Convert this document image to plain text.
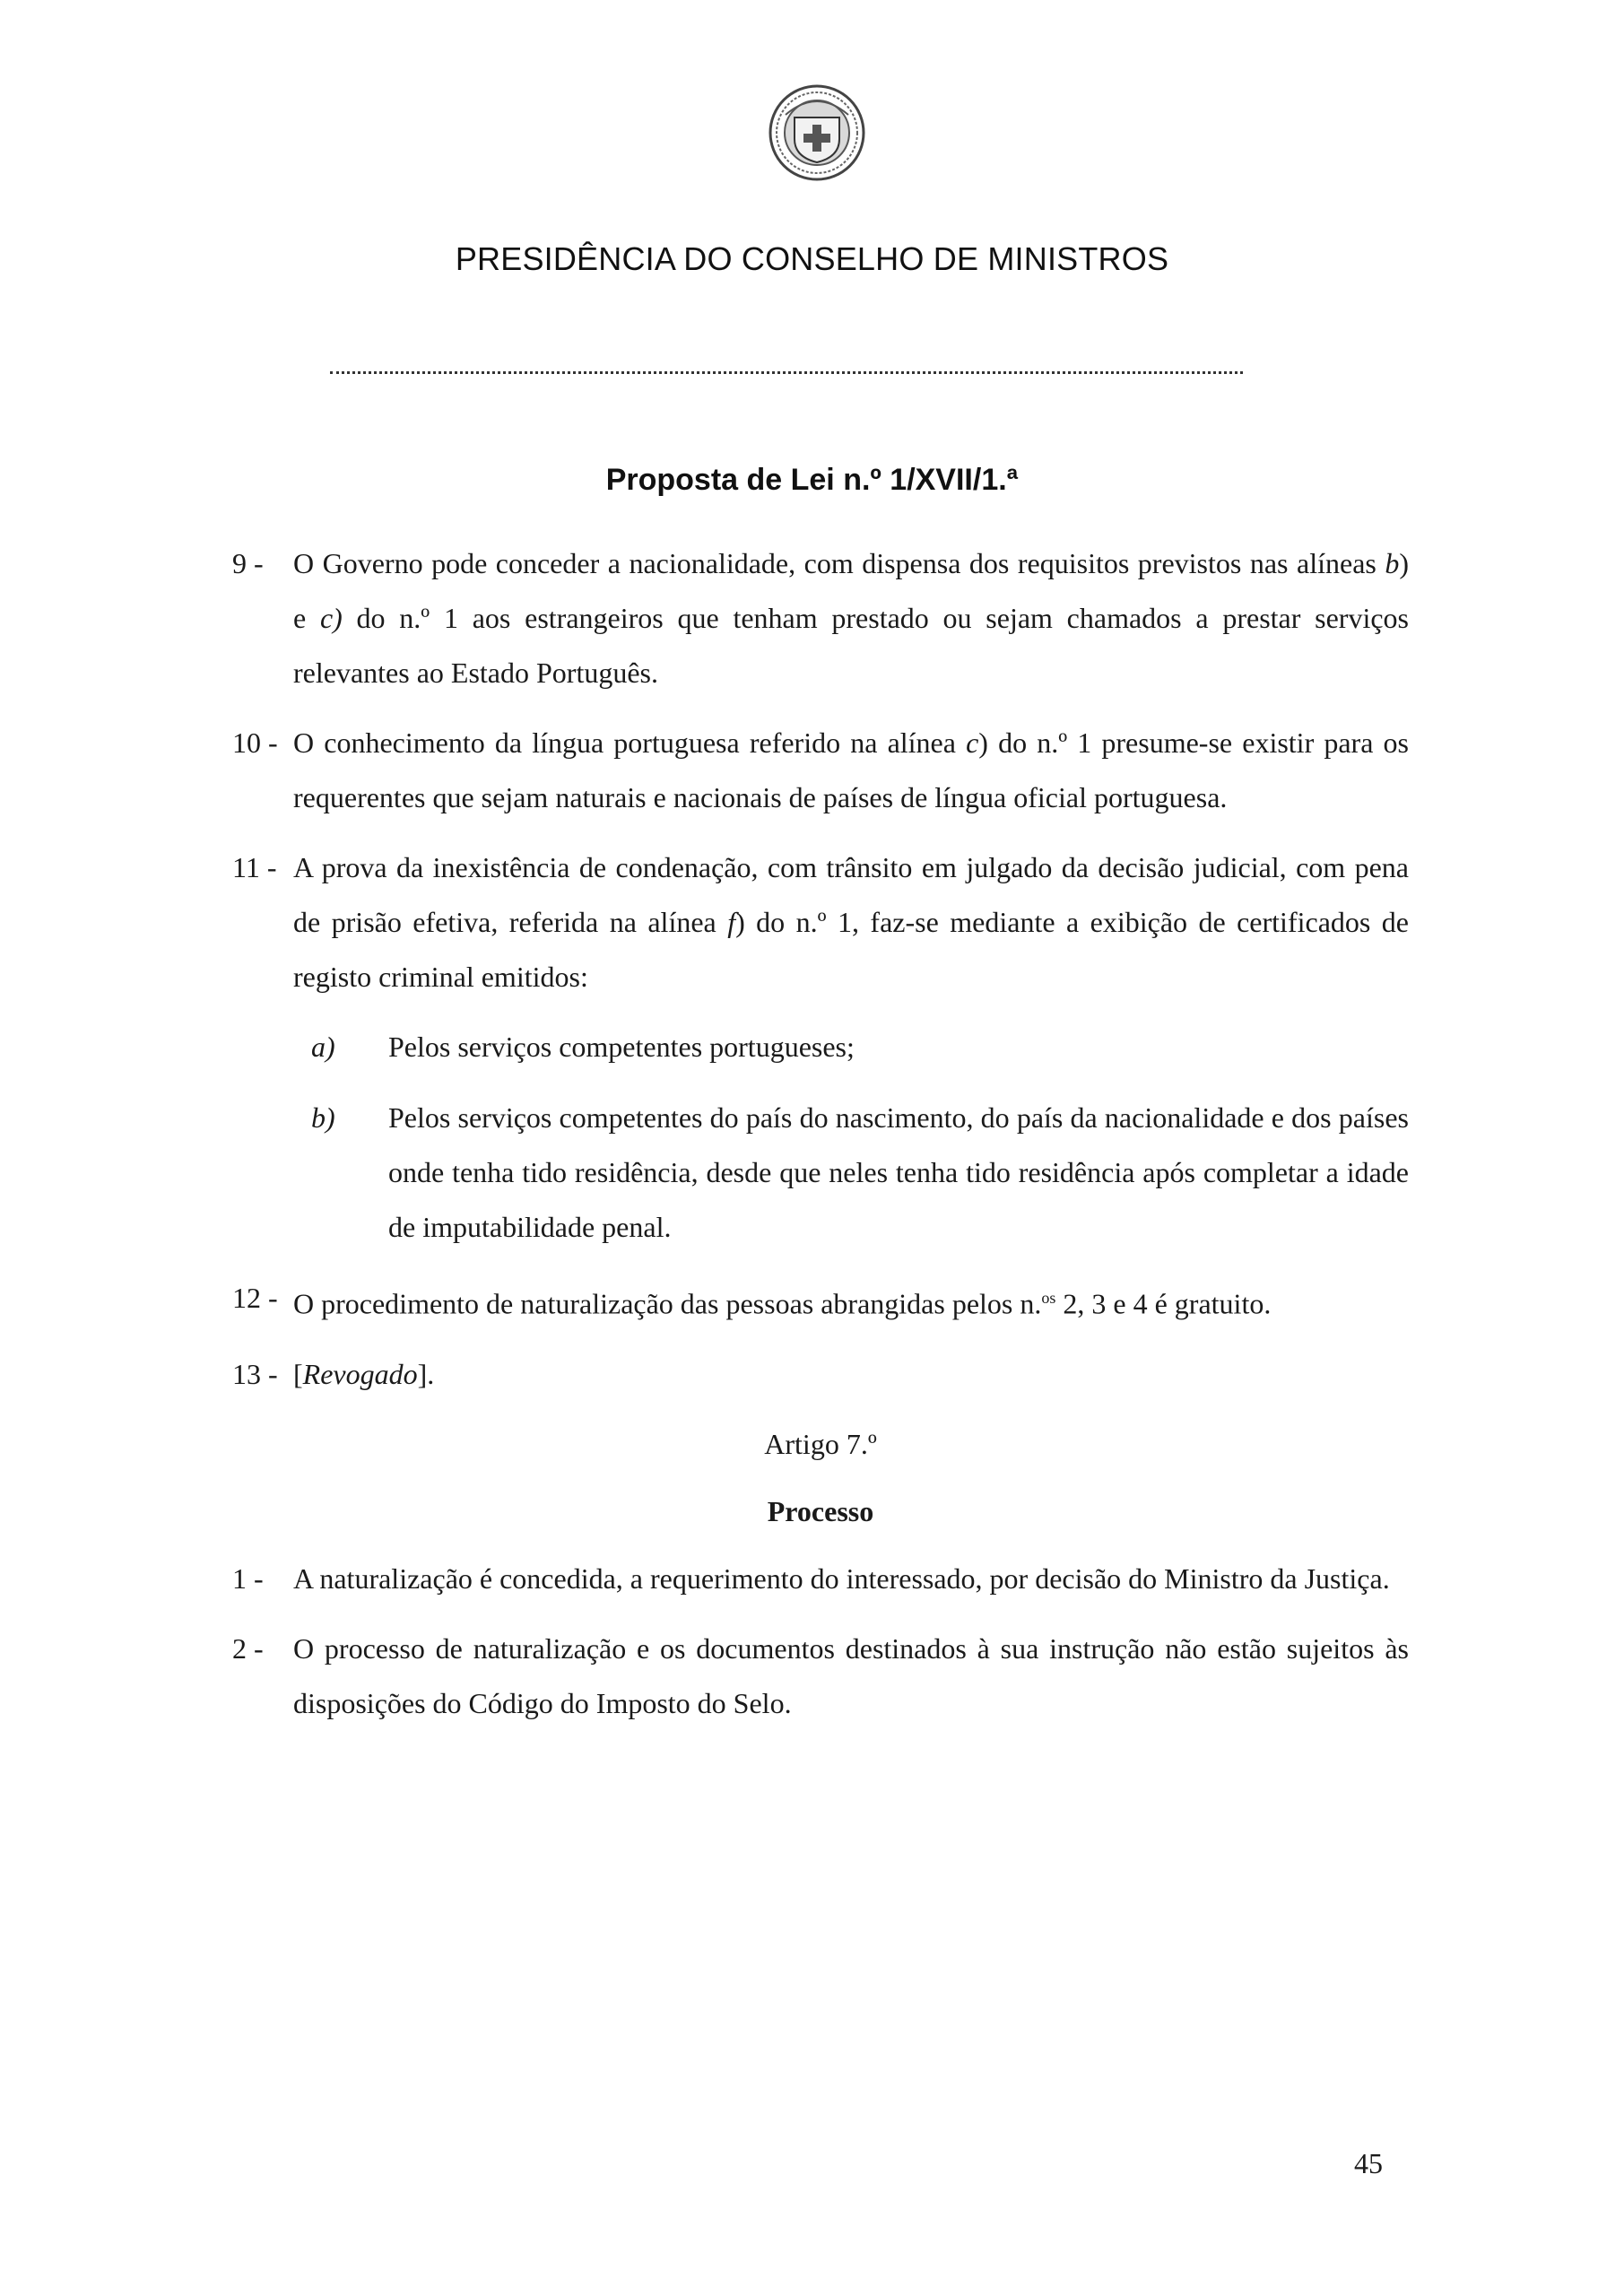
PRESIDÊNCIA DO CONSELHO DE MINISTROS
Proposta de Lei n.º 1/XVII/1.ª
9 - O Governo pode conceder a nacionalidade, com dispensa dos requisitos previstos nas alíneas b) e c) do n.º 1 aos estrangeiros que tenham prestado ou sejam chamados a prestar serviços relevantes ao Estado Português.
10 - O conhecimento da língua portuguesa referido na alínea c) do n.º 1 presume-se existir para os requerentes que sejam naturais e nacionais de países de língua oficial portuguesa.
11 - A prova da inexistência de condenação, com trânsito em julgado da decisão judicial, com pena de prisão efetiva, referida na alínea f) do n.º 1, faz-se mediante a exibição de certificados de registo criminal emitidos:
a) Pelos serviços competentes portugueses;
b) Pelos serviços competentes do país do nascimento, do país da nacionalidade e dos países onde tenha tido residência, desde que neles tenha tido residência após completar a idade de imputabilidade penal.
12 - O procedimento de naturalização das pessoas abrangidas pelos n.$^{os}$ 2, 3 e 4 é gratuito.
13 - [Revogado].
Artigo 7.º
Processo
1 - A naturalização é concedida, a requerimento do interessado, por decisão do Ministro da Justiça.
2 - O processo de naturalização e os documentos destinados à sua instrução não estão sujeitos às disposições do Código do Imposto do Selo.
45
